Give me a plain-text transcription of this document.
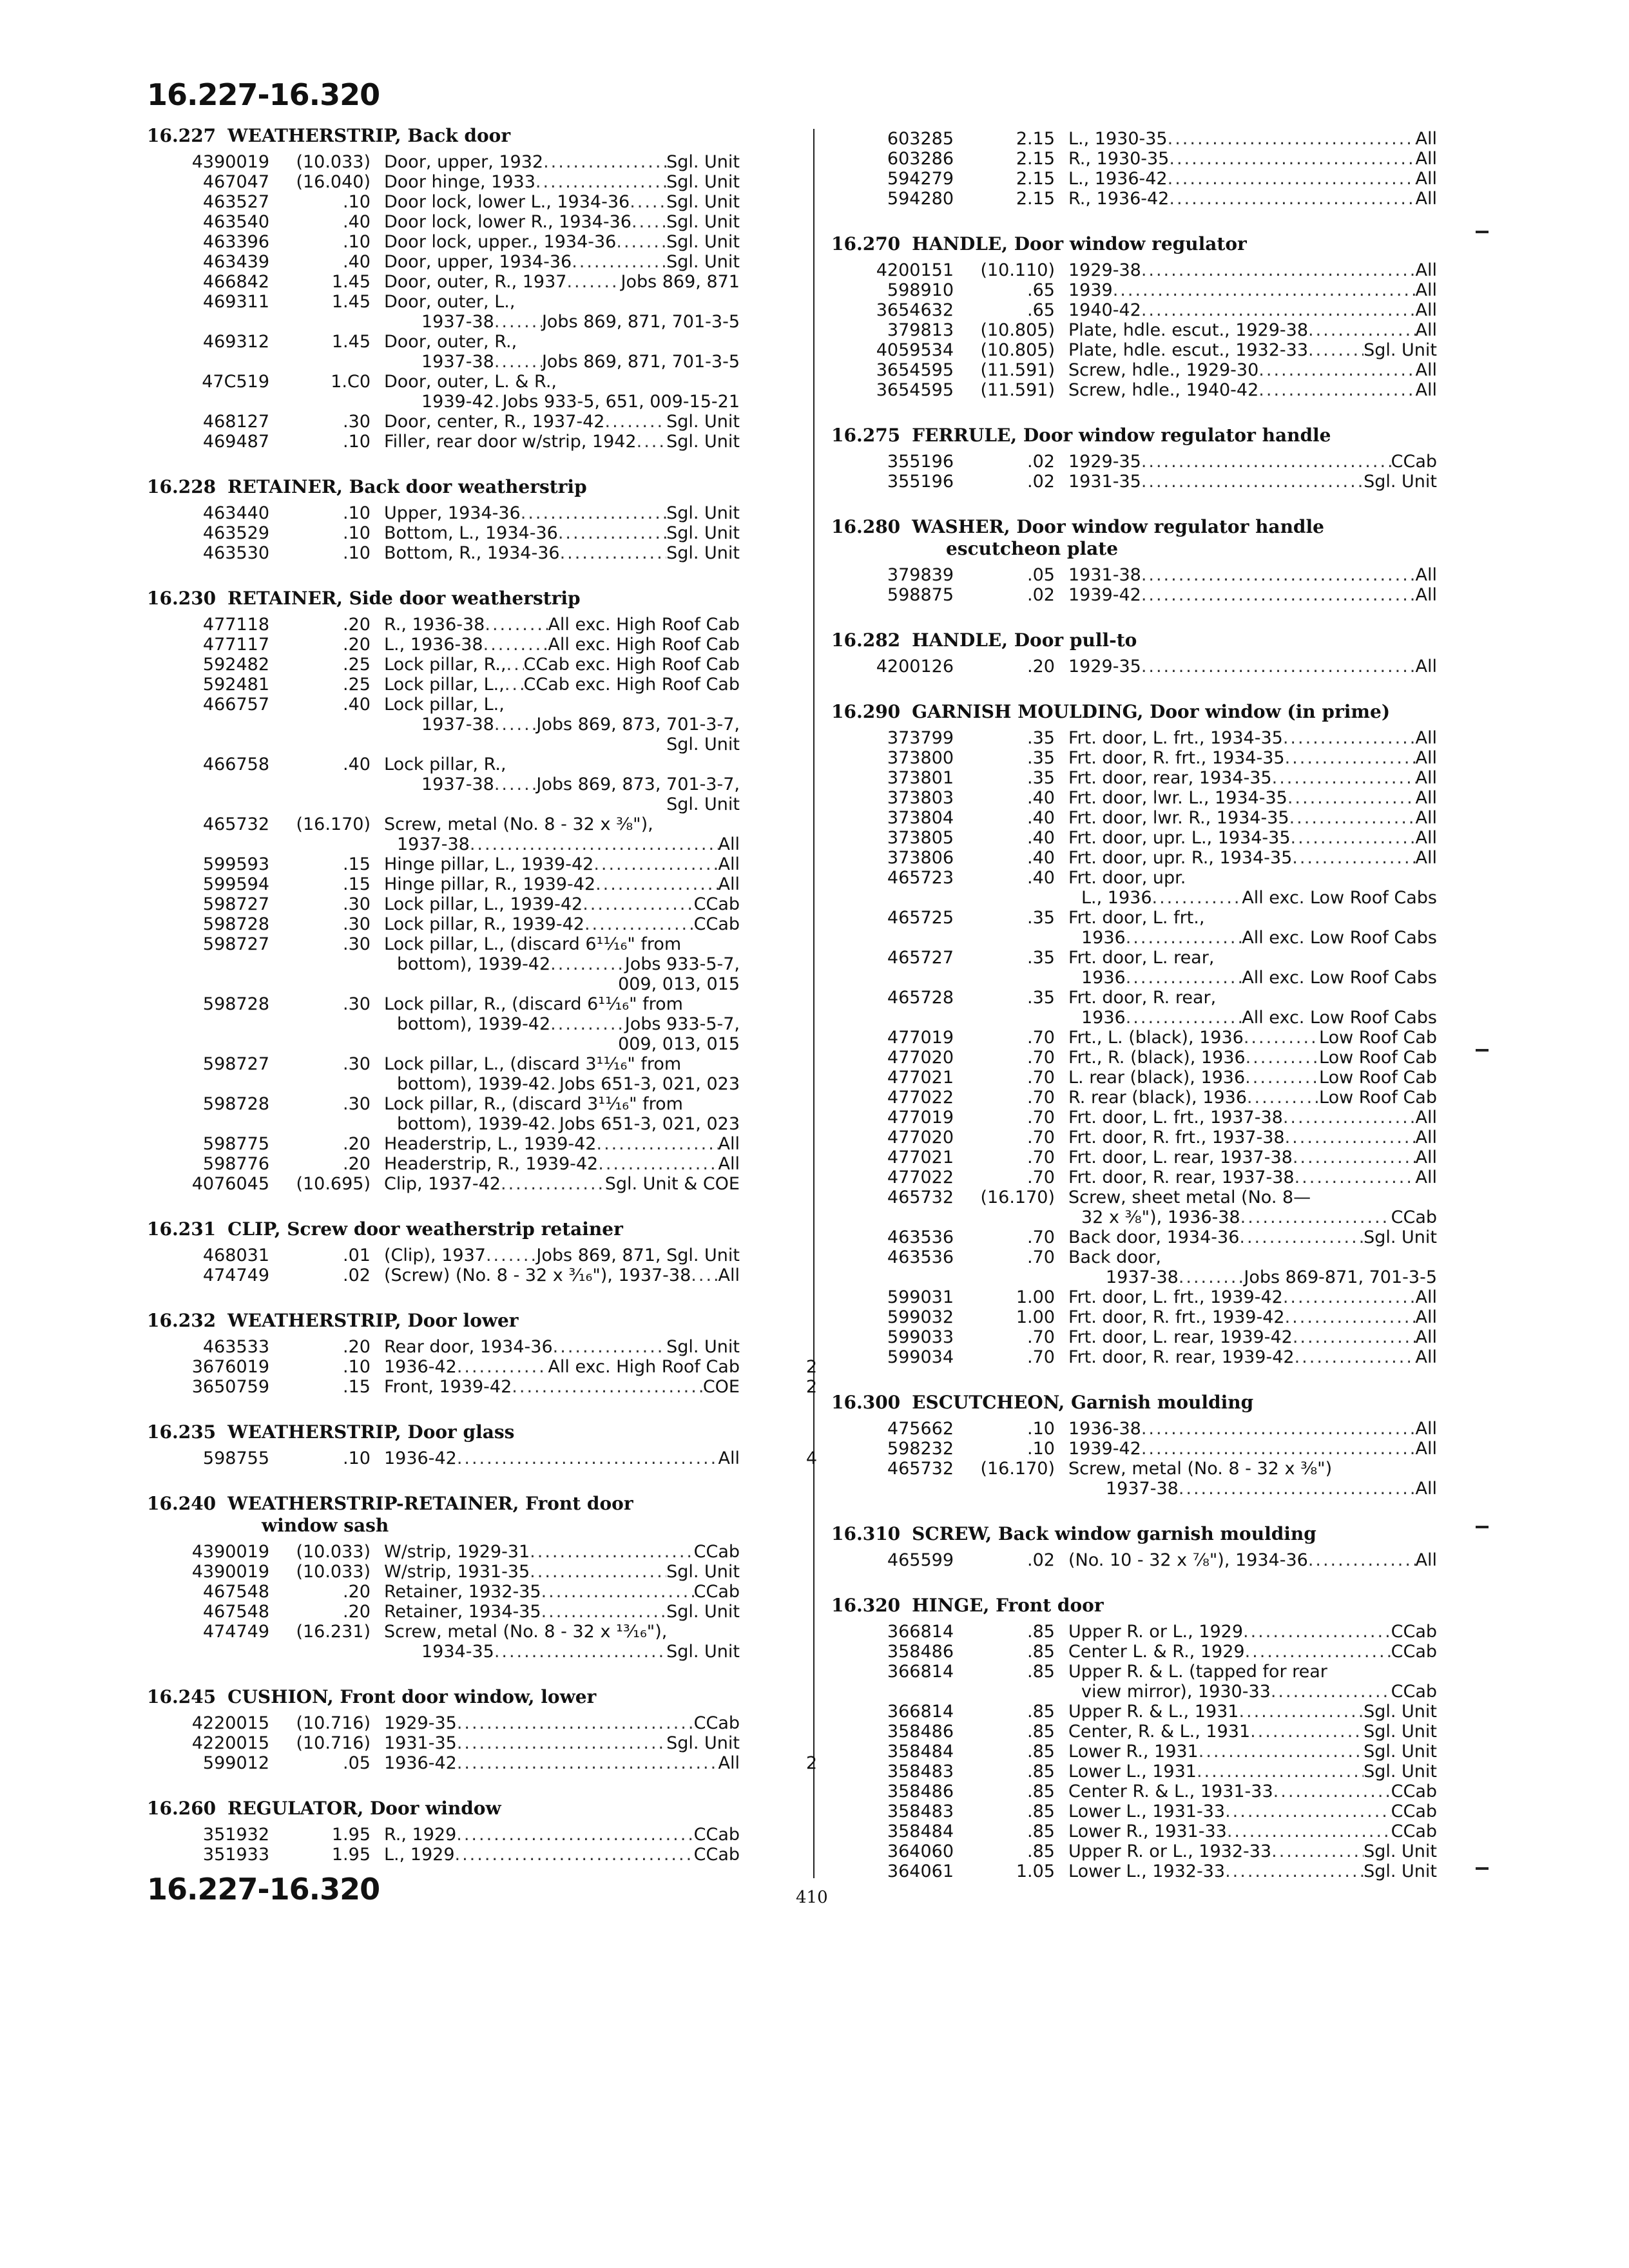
16.227-16.320
16.227 WEATHERSTRIP, Back door
4390019	(10.033) Door, upper, 1932 .....	Sgl. Unit
467047	(16.040) Door hinge, 1933 .....	Sgl. Unit
463527	.10 Door lock, lower L., 1934-36 ..... Sgl. Unit
463540	.40 Door lock, lower R., 1934-36 ..... Sgl. Unit
463396	.10 Door lock, upper., 1934-36 .....	Sgl. Unit
463439	.40 Door, upper, 1934-36 .....	Sgl. Unit
466842	1.45 Door, outer, R., 1937 .....	Jobs 869, 871
469311	1.45 Door, outer, L.,
1937-38 .....	Jobs 869, 871, 701-3-5
469312	1.45 Door, outer, R.,
1937-38 .....	Jobs 869, 871, 701-3-5
47C519	1.C0 Door, outer, L. & R.,
1939-42 ..... Jobs 933-5, 651, 009-15-21
468127	.30 Door, center, R., 1937-42 .....	Sgl. Unit
469487	.10 Filler, rear door w/strip, 1942 ..... Sgl. Unit
16.228 RETAINER, Back door weatherstrip
463440	.10 Upper, 1934-36 .....	Sgl. Unit
463529	.10 Bottom, L., 1934-36 .....	Sgl. Unit
463530	.10 Bottom, R., 1934-36 .....	Sgl. Unit
16.230 RETAINER, Side door weatherstrip
477118	.20 R., 1936-38 .....	All exc. High Roof Cab
477117	.20 L., 1936-38 .....	All exc. High Roof Cab
592482	.25 Lock pillar, R., ..... CCab exc. High Roof Cab
592481	.25 Lock pillar, L., ..... CCab exc. High Roof Cab
466757	.40 Lock pillar, L.,
1937-38 ..... Jobs 869, 873, 701-3-7,
Sgl. Unit
466758	.40 Lock pillar, R.,
1937-38 ..... Jobs 869, 873, 701-3-7,
Sgl. Unit
465732	(16.170) Screw, metal (No. 8 - 32 x ⅜"),
1937-38 .....	All
599593	.15 Hinge pillar, L., 1939-42 .....	All
599594	.15 Hinge pillar, R., 1939-42 .....	All
598727	.30 Lock pillar, L., 1939-42 .....	CCab
598728	.30 Lock pillar, R., 1939-42 .....	CCab
598727	.30 Lock pillar, L., (discard 6¹¹⁄₁₆" from
bottom), 1939-42 .....	Jobs 933-5-7,
009, 013, 015
598728	.30 Lock pillar, R., (discard 6¹¹⁄₁₆" from
bottom), 1939-42 .....	Jobs 933-5-7,
009, 013, 015
598727	.30 Lock pillar, L., (discard 3¹¹⁄₁₆" from
bottom), 1939-42 ..... Jobs 651-3, 021, 023
598728	.30 Lock pillar, R., (discard 3¹¹⁄₁₆" from
bottom), 1939-42 ..... Jobs 651-3, 021, 023
598775	.20 Headerstrip, L., 1939-42 .....	All
598776	.20 Headerstrip, R., 1939-42 .....	All
4076045	(10.695) Clip, 1937-42 .....	Sgl. Unit & COE
16.231 CLIP, Screw door weatherstrip retainer
468031	.01 (Clip), 1937 .....	Jobs 869, 871, Sgl. Unit
474749	.02 (Screw) (No. 8 - 32 x ³⁄₁₆"), 1937-38 ..... All
16.232 WEATHERSTRIP, Door lower
463533	.20 Rear door, 1934-36 .....	Sgl. Unit
3676019	.10 1936-42 .....	All exc. High Roof Cab	2
3650759	.15 Front, 1939-42 .....	COE	2
16.235 WEATHERSTRIP, Door glass
598755	.10 1936-42 .....	All	4
16.240 WEATHERSTRIP-RETAINER, Front door
window sash
4390019	(10.033) W/strip, 1929-31 .....	CCab
4390019	(10.033) W/strip, 1931-35 .....	Sgl. Unit
467548	.20 Retainer, 1932-35 .....	CCab
467548	.20 Retainer, 1934-35 .....	Sgl. Unit
474749	(16.231) Screw, metal (No. 8 - 32 x ¹³⁄₁₆"),
1934-35 .....	Sgl. Unit
16.245 CUSHION, Front door window, lower
4220015	(10.716) 1929-35 .....	CCab
4220015	(10.716) 1931-35 .....	Sgl. Unit
599012	.05 1936-42 .....	All	2
16.260 REGULATOR, Door window
351932	1.95 R., 1929 .....	CCab
351933	1.95 L., 1929 .....	CCab
603285	2.15 L., 1930-35 .....	All
603286	2.15 R., 1930-35 .....	All
594279	2.15 L., 1936-42 .....	All
594280	2.15 R., 1936-42 .....	All
16.270 HANDLE, Door window regulator
4200151	(10.110) 1929-38 .....	All
598910	.65 1939 .....	All
3654632	.65 1940-42 .....	All
379813	(10.805) Plate, hdle. escut., 1929-38 .....	All
4059534	(10.805) Plate, hdle. escut., 1932-33 .....	Sgl. Unit
3654595	(11.591) Screw, hdle., 1929-30 .....	All
3654595	(11.591) Screw, hdle., 1940-42 .....	All
16.275 FERRULE, Door window regulator handle
355196	.02 1929-35 .....	CCab
355196	.02 1931-35 .....	Sgl. Unit
16.280 WASHER, Door window regulator handle
escutcheon plate
379839	.05 1931-38 .....	All
598875	.02 1939-42 .....	All
16.282 HANDLE, Door pull-to
4200126	.20 1929-35 .....	All
16.290 GARNISH MOULDING, Door window (in prime)
373799	.35 Frt. door, L. frt., 1934-35 .....	All
373800	.35 Frt. door, R. frt., 1934-35 .....	All
373801	.35 Frt. door, rear, 1934-35 .....	All
373803	.40 Frt. door, lwr. L., 1934-35 .....	All
373804	.40 Frt. door, lwr. R., 1934-35 .....	All
373805	.40 Frt. door, upr. L., 1934-35 .....	All
373806	.40 Frt. door, upr. R., 1934-35 .....	All
465723	.40 Frt. door, upr.
L., 1936 .....	All exc. Low Roof Cabs
465725	.35 Frt. door, L. frt.,
1936 .....	All exc. Low Roof Cabs
465727	.35 Frt. door, L. rear,
1936 .....	All exc. Low Roof Cabs
465728	.35 Frt. door, R. rear,
1936 .....	All exc. Low Roof Cabs
477019	.70 Frt., L. (black), 1936 .....	Low Roof Cab
477020	.70 Frt., R. (black), 1936 .....	Low Roof Cab
477021	.70 L. rear (black), 1936 .....	Low Roof Cab
477022	.70 R. rear (black), 1936 .....	Low Roof Cab
477019	.70 Frt. door, L. frt., 1937-38 .....	All
477020	.70 Frt. door, R. frt., 1937-38 .....	All
477021	.70 Frt. door, L. rear, 1937-38 .....	All
477022	.70 Frt. door, R. rear, 1937-38 .....	All
465732	(16.170) Screw, sheet metal (No. 8—
32 x ⅜"), 1936-38 .....	CCab
463536	.70 Back door, 1934-36 .....	Sgl. Unit
463536	.70 Back door,
1937-38 .....	Jobs 869-871, 701-3-5
599031	1.00 Frt. door, L. frt., 1939-42 .....	All
599032	1.00 Frt. door, R. frt., 1939-42 .....	All
599033	.70 Frt. door, L. rear, 1939-42 .....	All
599034	.70 Frt. door, R. rear, 1939-42 .....	All
16.300 ESCUTCHEON, Garnish moulding
475662	.10 1936-38 .....	All
598232	.10 1939-42 .....	All
465732	(16.170) Screw, metal (No. 8 - 32 x ⅜")
1937-38 .....	All
16.310 SCREW, Back window garnish moulding
465599	.02 (No. 10 - 32 x ⅞"), 1934-36 .....	All
16.320 HINGE, Front door
366814	.85 Upper R. or L., 1929 .....	CCab
358486	.85 Center L. & R., 1929 .....	CCab
366814	.85 Upper R. & L. (tapped for rear
view mirror), 1930-33 .....	CCab
366814	.85 Upper R. & L., 1931 .....	Sgl. Unit
358486	.85 Center, R. & L., 1931 .....	Sgl. Unit
358484	.85 Lower R., 1931 .....	Sgl. Unit
358483	.85 Lower L., 1931 .....	Sgl. Unit
358486	.85 Center R. & L., 1931-33 .....	CCab
358483	.85 Lower L., 1931-33 .....	CCab
358484	.85 Lower R., 1931-33 .....	CCab
364060	.85 Upper R. or L., 1932-33 .....	Sgl. Unit
364061	1.05 Lower L., 1932-33 .....	Sgl. Unit
16.227-16.320	410
